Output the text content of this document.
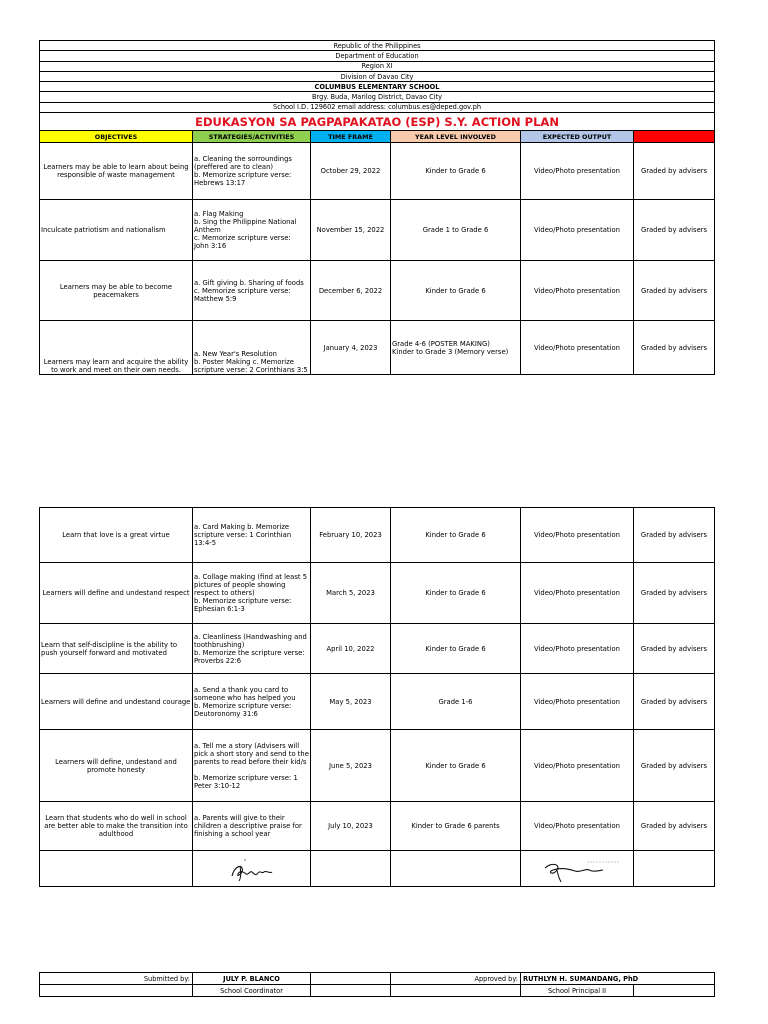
Republic of the Philippines					
Department of Education					
Region XI					
Division of Davao City					
COLUMBUS ELEMENTARY SCHOOL					
Brgy. Buda, Marilog District, Davao City					
School I.D. 129602 email address: columbus.es@deped.gov.ph					
EDUKASYON SA PAGPAPAKATAO (ESP) S.Y. ACTION PLAN					
OBJECTIVES	STRATEGIES/ACTIVITIES	TIME FRAME	YEAR LEVEL INVOLVED	EXPECTED OUTPUT	REMARKS
Learners may be able to learn about being responsible of waste management	a. Cleaning the sorroundings (preffered are to clean)
b. Memorize scripture verse: Hebrews 13:17	October 29, 2022	Kinder to Grade 6	Video/Photo presentation	Graded by advisers
Inculcate patriotism and nationalism	a. Flag Making
b. Sing the Philippine National Anthem
c. Memorize scripture verse:
John 3:16	November 15, 2022	Grade 1 to Grade 6	Video/Photo presentation	Graded by advisers
Learners may be able to become peacemakers	a. Gift giving b. Sharing of foods c. Memorize scripture verse:
Matthew 5:9	December 6, 2022	Kinder to Grade 6	Video/Photo presentation	Graded by advisers
Learners may learn and acquire the ability to work and meet on their own needs.	a. New Year's Resolution
b. Poster Making c. Memorize scripture verse: 2 Corinthians 3:5	January 4, 2023	Grade 4-6 (POSTER MAKING)
Kinder to Grade 3 (Memory verse)	Video/Photo presentation	Graded by advisers
Learn that love is a great virtue	a. Card Making b. Memorize scripture verse: 1 Corinthian 13:4-5	February 10, 2023	Kinder to Grade 6	Video/Photo presentation	Graded by advisers
Learners will define and undestand respect	a. Collage making (find at least 5 pictures of people showing respect to others)
b. Memorize scripture verse: Ephesian 6:1-3	March 5, 2023	Kinder to Grade 6	Video/Photo presentation	Graded by advisers
Learn that self-discipline is the ability to push yourself forward and motivated	a. Cleanliness (Handwashing and toothbrushing)
b. Memorize the scripture verse: Proverbs 22:6	April 10, 2022	Kinder to Grade 6	Video/Photo presentation	Graded by advisers
Learners will define and undestand courage	a. Send a thank you card to someone who has helped you
b. Memorize scripture verse: Deutoronomy 31:6	May 5, 2023	Grade 1-6	Video/Photo presentation	Graded by advisers
Learners will define, undestand and promote honesty	a. Tell me a story (Advisers will pick a short story and send to the parents to read before their kid/s

b. Memorize scripture verse: 1 Peter 3:10-12	June 5, 2023	Kinder to Grade 6	Video/Photo presentation	Graded by advisers
Learn that students who do well in school are better able to make the transition into adulthood	a. Parents will give to their children a descriptive praise for finishing a school year	July 10, 2023	Kinder to Grade 6 parents	Video/Photo presentation	Graded by advisers

Submitted by:	JULY P. BLANCO		Approved by:	RUTHLYN H. SUMANDANG, PhD	
	School Coordinator			School Principal II	
